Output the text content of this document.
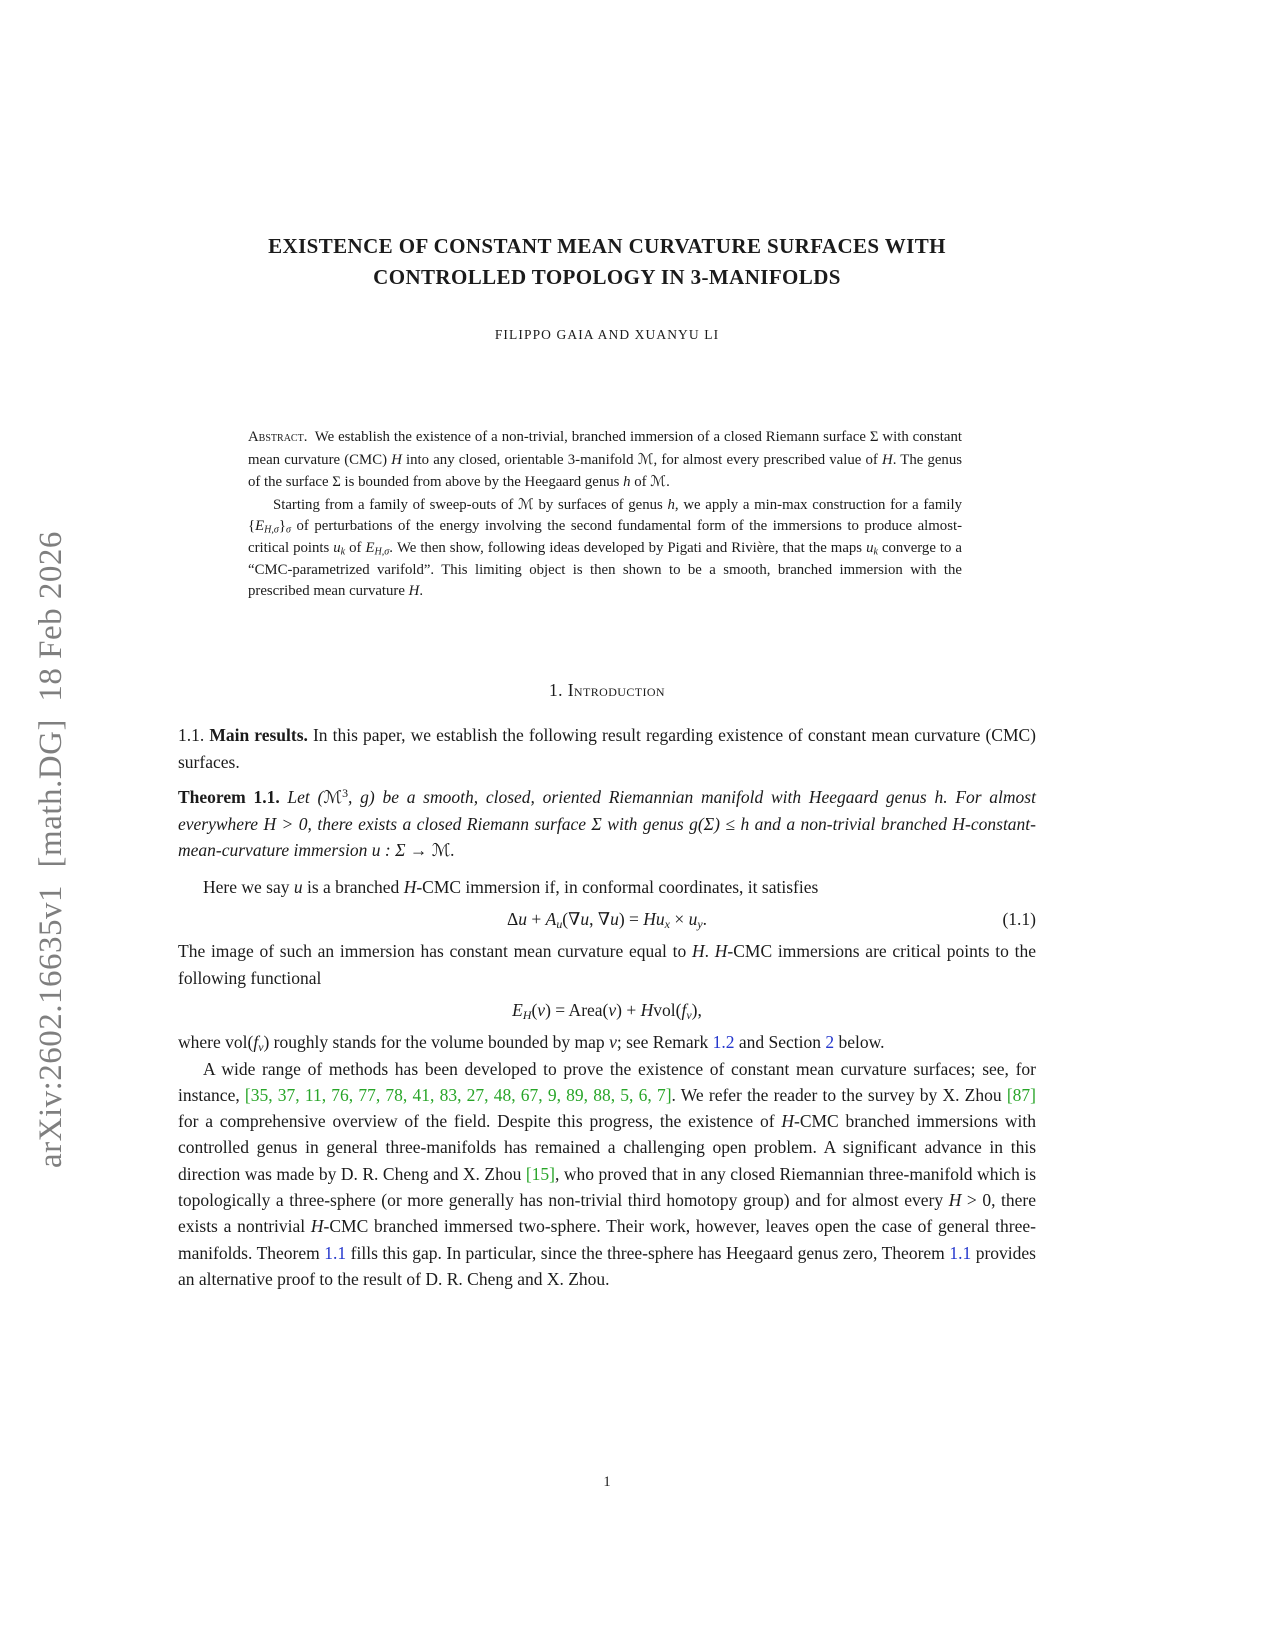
arXiv:2602.16635v1  [math.DG]  18 Feb 2026
EXISTENCE OF CONSTANT MEAN CURVATURE SURFACES WITH
CONTROLLED TOPOLOGY IN 3-MANIFOLDS
FILIPPO GAIA AND XUANYU LI

Abstract. We establish the existence of a non-trivial, branched immersion of a closed Riemann surface Σ with constant mean curvature (CMC) H into any closed, orientable 3-manifold ℳ, for almost every prescribed value of H. The genus of the surface Σ is bounded from above by the Heegaard genus h of ℳ.

Starting from a family of sweep-outs of ℳ by surfaces of genus h, we apply a min-max construction for a family $\{E_{H,\sigma}\}_\sigma$ of perturbations of the energy involving the second fundamental form of the immersions to produce almost-critical points $u_k$ of $E_{H,\sigma}$. We then show, following ideas developed by Pigati and Rivière, that the maps $u_k$ converge to a “CMC-parametrized varifold”. This limiting object is then shown to be a smooth, branched immersion with the prescribed mean curvature H.

1. Introduction

1.1. Main results. In this paper, we establish the following result regarding existence of constant mean curvature (CMC) surfaces.

Theorem 1.1. Let (ℳ$^3$, g) be a smooth, closed, oriented Riemannian manifold with Heegaard genus h. For almost everywhere H > 0, there exists a closed Riemann surface Σ with genus g(Σ) ≤ h and a non-trivial branched H-constant-mean-curvature immersion u : Σ → ℳ.

Here we say u is a branched H-CMC immersion if, in conformal coordinates, it satisfies

$\Delta u + A_u(\nabla u$, $\nabla u) = Hu_x \times u_y$.	(1.1)

The image of such an immersion has constant mean curvature equal to H. H-CMC immersions are critical points to the following functional

$E_H(v)$ = Area(v) + $Hvol(f_v)$,

where $vol(f_v)$ roughly stands for the volume bounded by map v; see Remark 1.2 and Section 2 below.

A wide range of methods has been developed to prove the existence of constant mean curvature surfaces; see, for instance, [35, 37, 11, 76, 77, 78, 41, 83, 27, 48, 67, 9, 89, 88, 5, 6, 7]. We refer the reader to the survey by X. Zhou [87] for a comprehensive overview of the field. Despite this progress, the existence of H-CMC branched immersions with controlled genus in general three-manifolds has remained a challenging open problem. A significant advance in this direction was made by D. R. Cheng and X. Zhou [15], who proved that in any closed Riemannian three-manifold which is topologically a three-sphere (or more generally has non-trivial third homotopy group) and for almost every H > 0, there exists a nontrivial H-CMC branched immersed two-sphere. Their work, however, leaves open the case of general three-manifolds. Theorem 1.1 fills this gap. In particular, since the three-sphere has Heegaard genus zero, Theorem 1.1 provides an alternative proof to the result of D. R. Cheng and X. Zhou.

1
